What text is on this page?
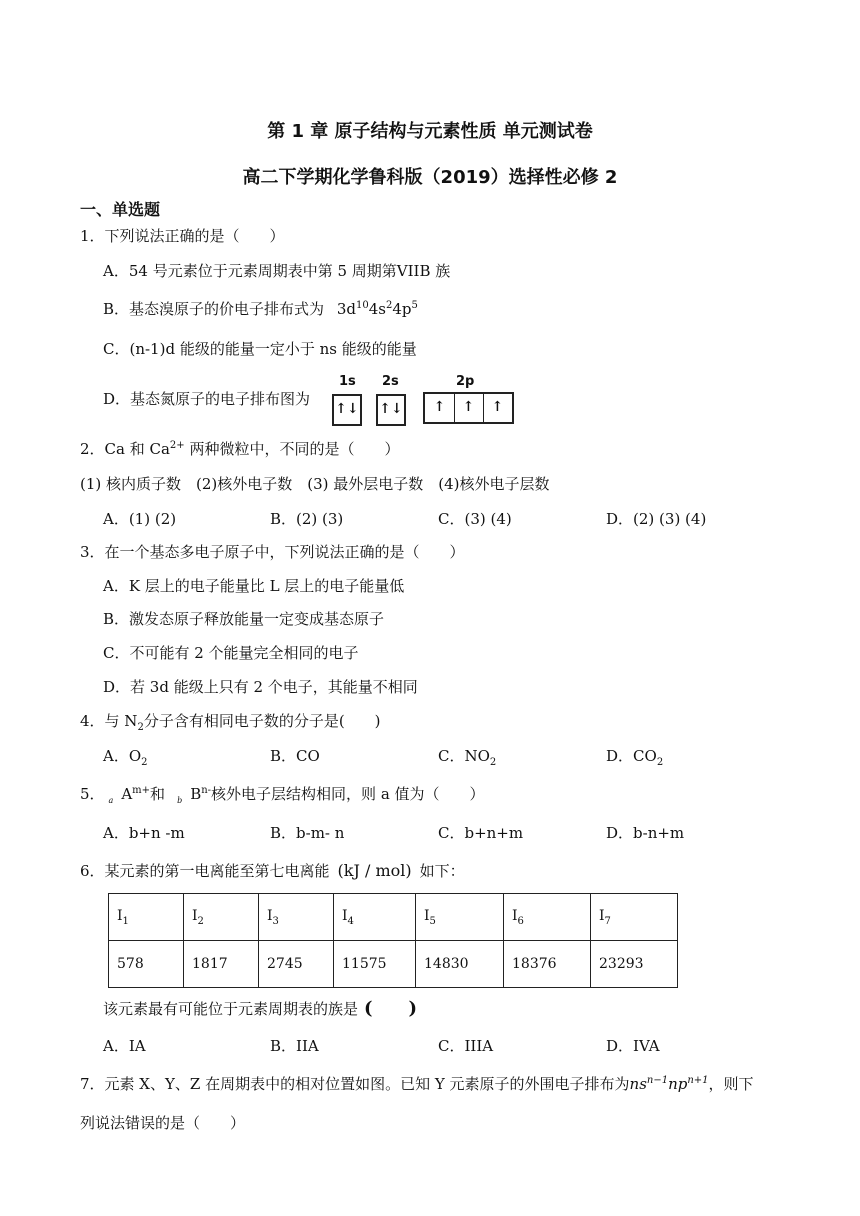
第 1 章 原子结构与元素性质 单元测试卷
高二下学期化学鲁科版（2019）选择性必修 2
一、单选题
1．下列说法正确的是（　　）
A．54 号元素位于元素周期表中第 5 周期第VIIB 族
B．基态溴原子的价电子排布式为 $3d^{10}4s^24p^5$
C．(n-1)d 能级的能量一定小于 ns 能级的能量
D．基态氮原子的电子排布图为
1s 2s	2p
↑↓ ↑↓	↑	↑	↑
2．Ca 和 $Ca^{2+}$ 两种微粒中，不同的是（　　）
(1) 核内质子数　(2)核外电子数　(3) 最外层电子数　(4)核外电子层数
A．(1) (2)	B．(2) (3)	C．(3) (4)	D．(2) (3) (4)
3．在一个基态多电子原子中，下列说法正确的是（　　）
A．K 层上的电子能量比 L 层上的电子能量低
B．激发态原子释放能量一定变成基态原子
C．不可能有 2 个能量完全相同的电子
D．若 3d 能级上只有 2 个电子，其能量不相同
4．与 $N_2$分子含有相同电子数的分子是(　　)
A．$O_2$	B．CO	C．$NO_2$	D．$CO_2$
5． $_a$ $A^{m+}$和 $_b$ $B^{n-}$核外电子层结构相同，则 a 值为（　　）
A．b+n -m	B．b-m- n	C．b+n+m	D．b-n+m
6．某元素的第一电离能至第七电离能 (kJ / mol) 如下：
$I_1$	$I_2$	$I_3$	$I_4$	$I_5$	$I_6$	$I_7$
578	1817	2745	11575	14830	18376	23293
该元素最有可能位于元素周期表的族是 (　　)
A．IA	B．IIA	C．IIIA	D．IVA
7．元素 X、Y、Z 在周期表中的相对位置如图。已知 Y 元素原子的外围电子排布为$ns^{n-1}np^{n+1}$，则下
列说法错误的是（　　）
